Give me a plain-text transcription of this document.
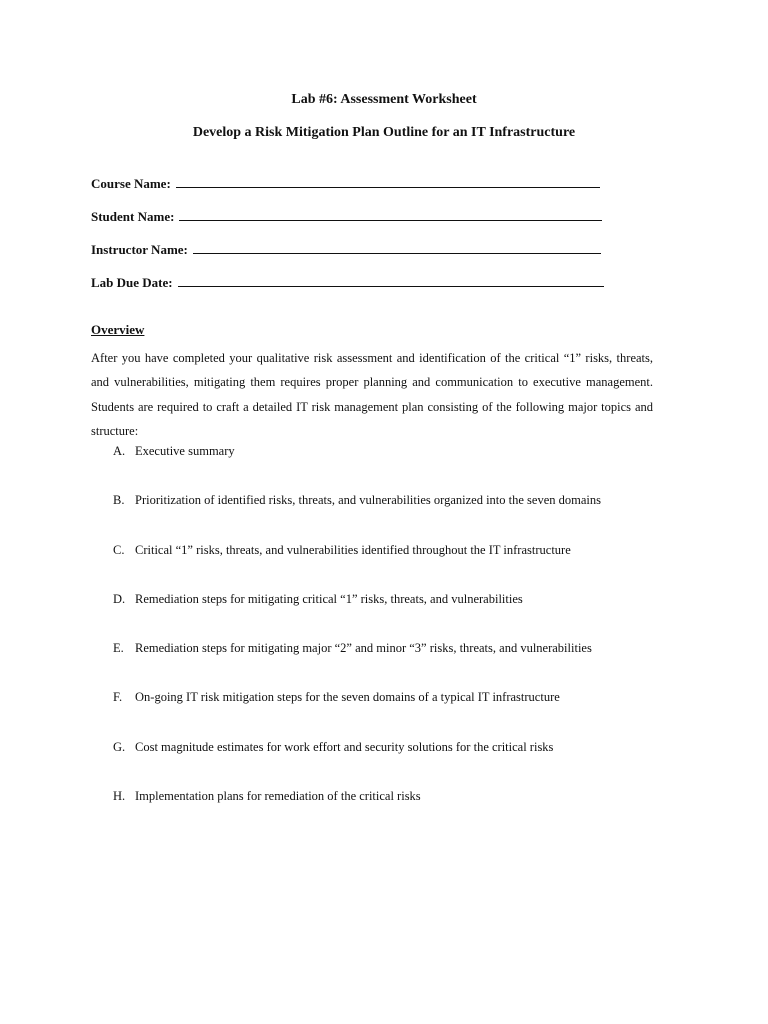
Lab #6: Assessment Worksheet
Develop a Risk Mitigation Plan Outline for an IT Infrastructure
Course Name:
Student Name:
Instructor Name:
Lab Due Date:
Overview
After you have completed your qualitative risk assessment and identification of the critical “1” risks, threats, and vulnerabilities, mitigating them requires proper planning and communication to executive management. Students are required to craft a detailed IT risk management plan consisting of the following major topics and structure:
A. Executive summary
B. Prioritization of identified risks, threats, and vulnerabilities organized into the seven domains
C. Critical “1” risks, threats, and vulnerabilities identified throughout the IT infrastructure
D. Remediation steps for mitigating critical “1” risks, threats, and vulnerabilities
E. Remediation steps for mitigating major “2” and minor “3” risks, threats, and vulnerabilities
F.	On-going IT risk mitigation steps for the seven domains of a typical IT infrastructure
G. Cost magnitude estimates for work effort and security solutions for the critical risks
H. Implementation plans for remediation of the critical risks
